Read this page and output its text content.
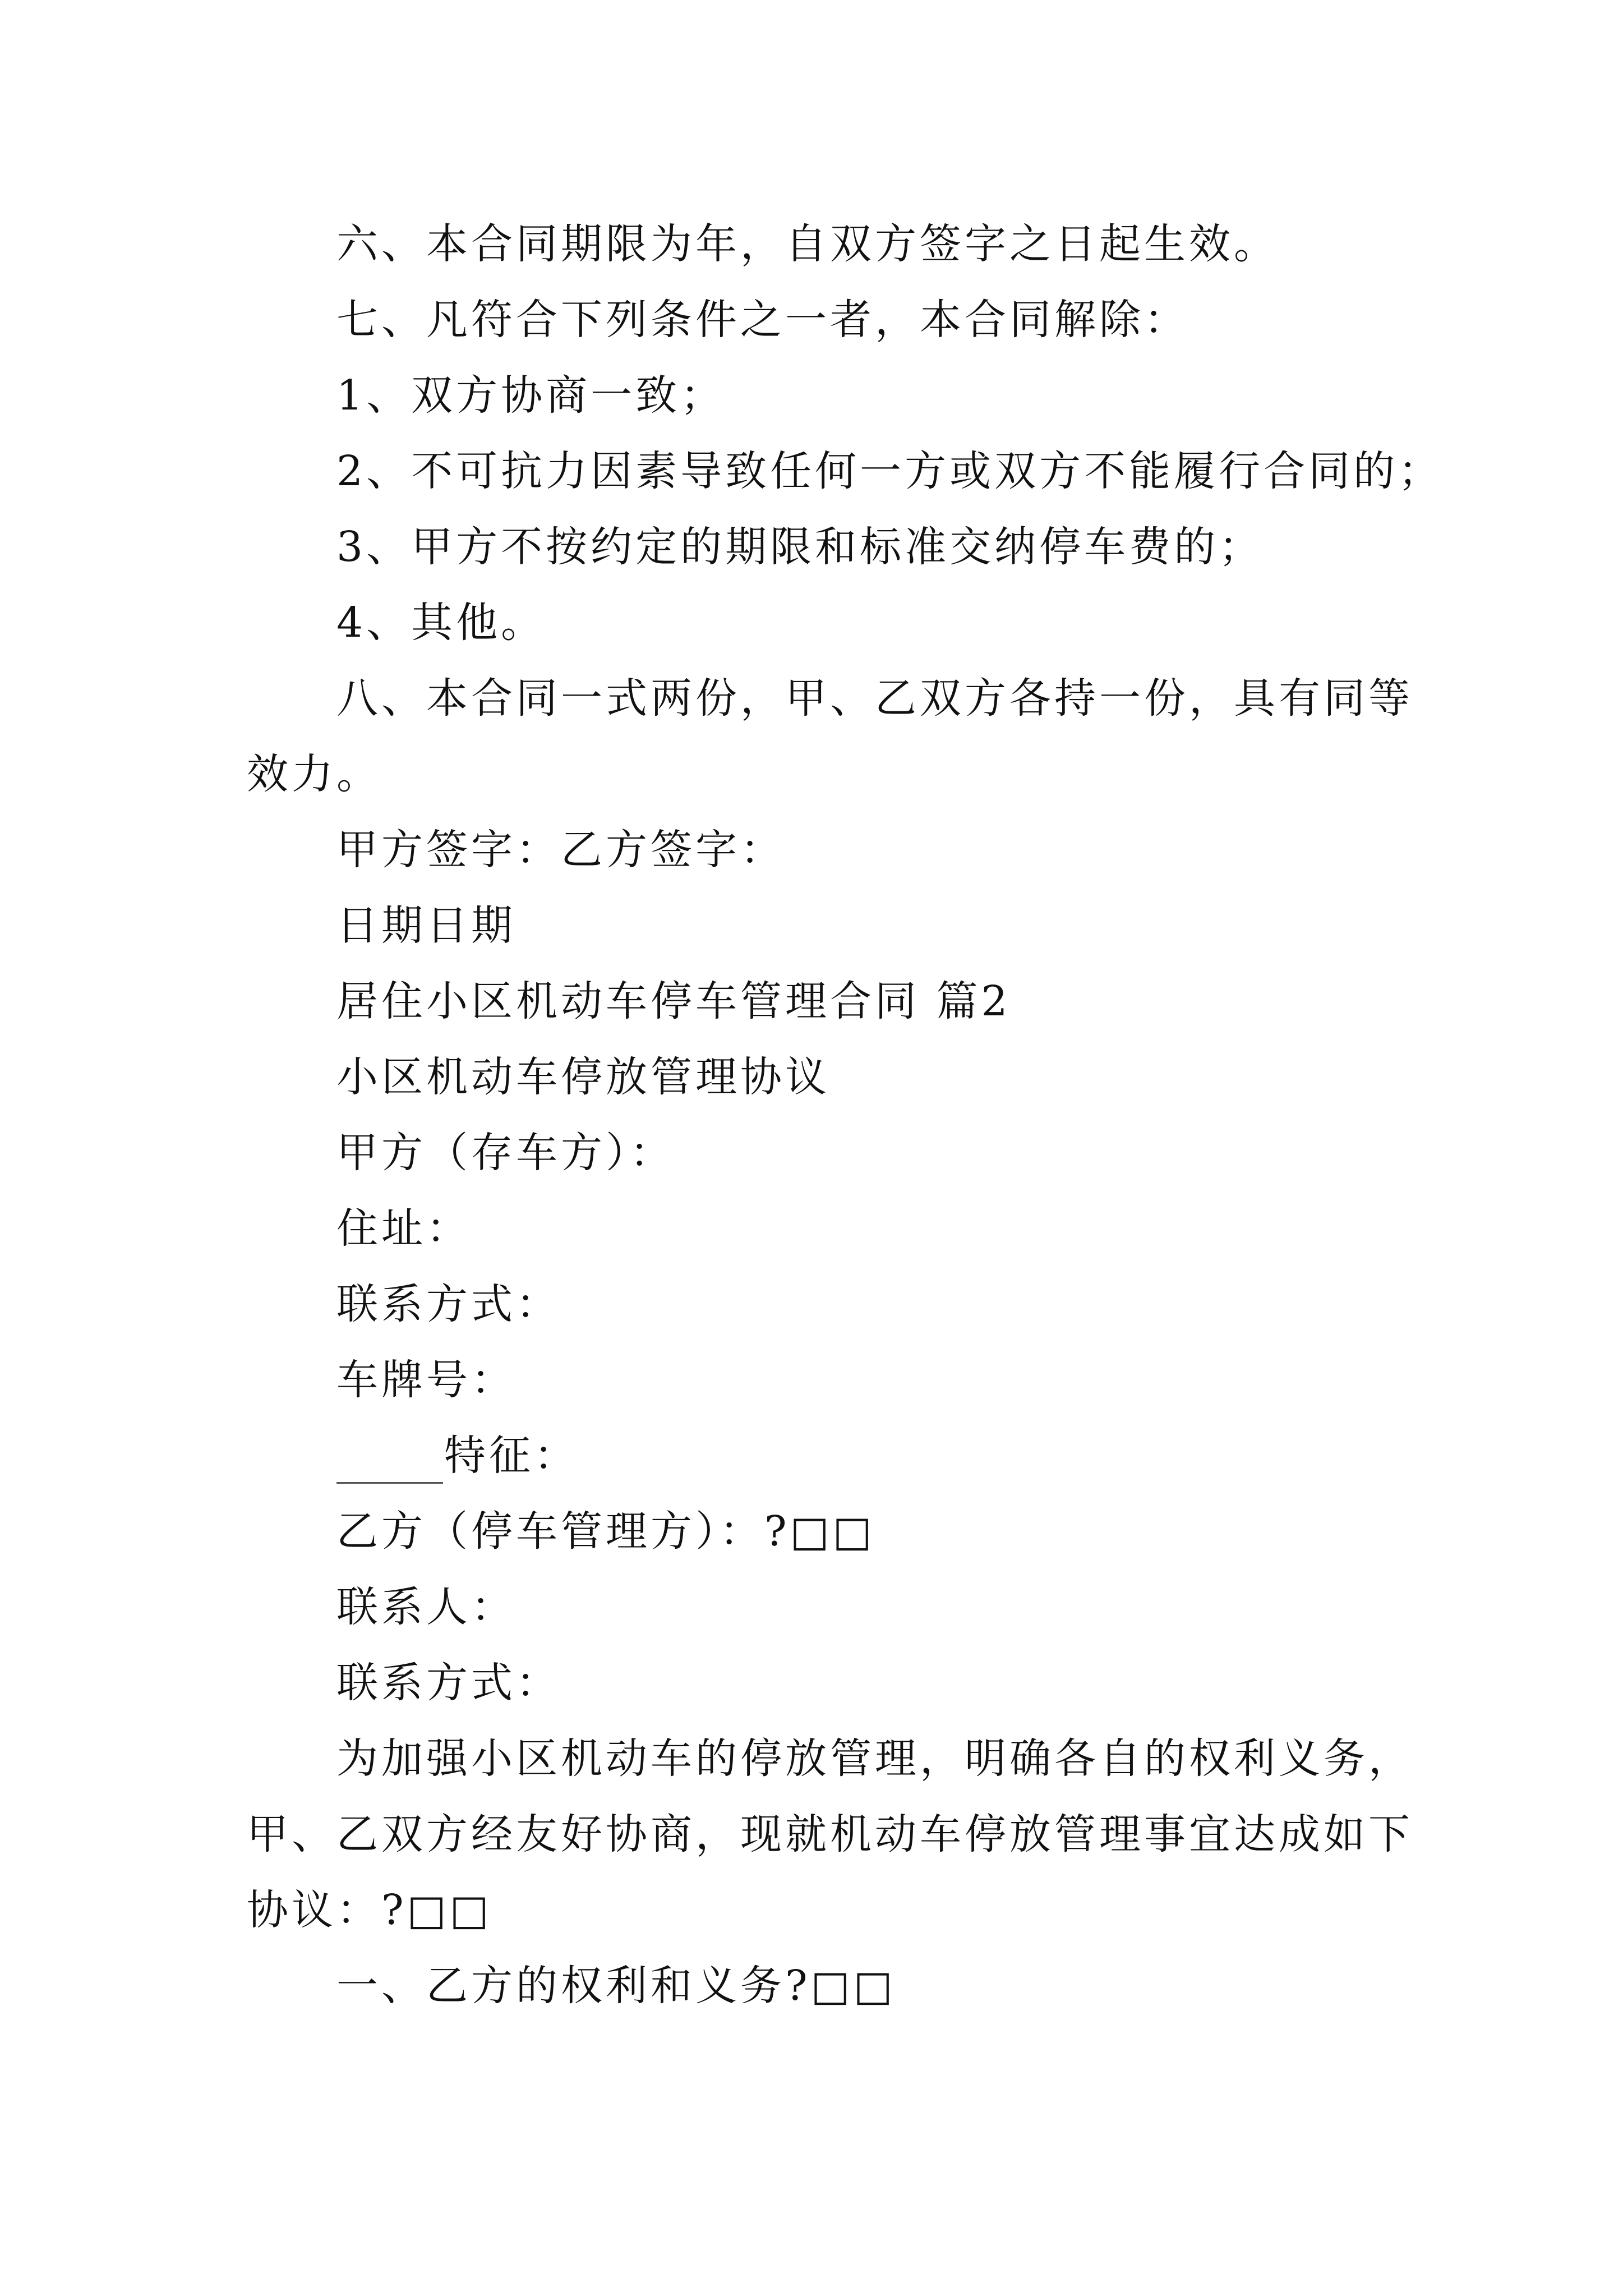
六、本合同期限为年，自双方签字之日起生效。
七、凡符合下列条件之一者，本合同解除：
1、双方协商一致；
2、不可抗力因素导致任何一方或双方不能履行合同的；
3、甲方不按约定的期限和标准交纳停车费的；
4、其他。
八、本合同一式两份，甲、乙双方各持一份，具有同等
效力。
甲方签字：乙方签字：
日期日期
居住小区机动车停车管理合同 篇2
小区机动车停放管理协议
甲方（存车方）：
住址：
联系方式：
车牌号：
特征：
乙方（停车管理方）：?□□
联系人：
联系方式：
为加强小区机动车的停放管理，明确各自的权利义务，
甲、乙双方经友好协商，现就机动车停放管理事宜达成如下
协议：?□□
一、乙方的权利和义务?□□
